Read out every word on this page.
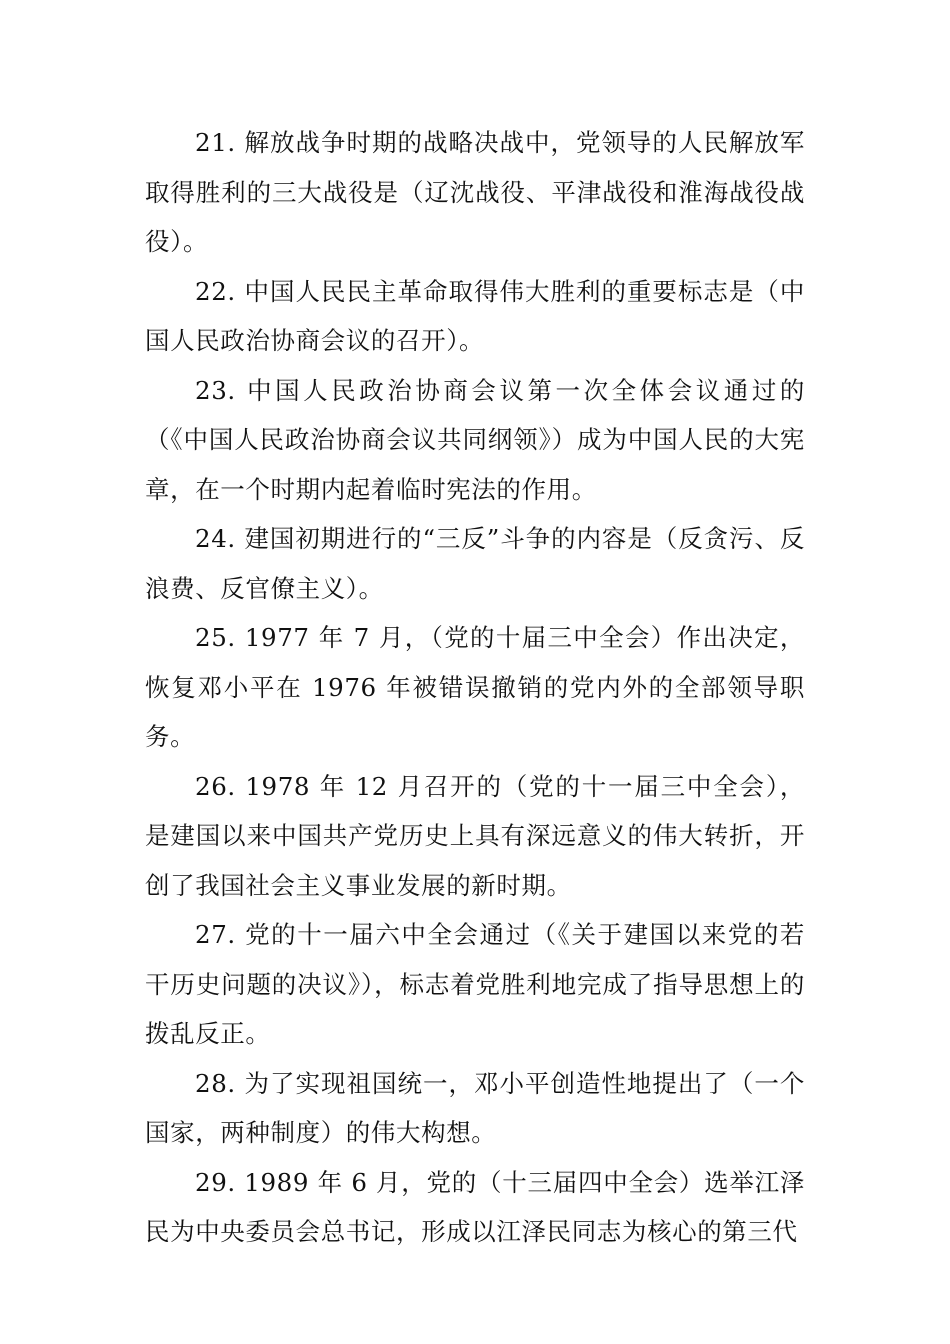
21. 解放战争时期的战略决战中，党领导的人民解放军取得胜利的三大战役是（辽沈战役、平津战役和淮海战役战役）。

22. 中国人民民主革命取得伟大胜利的重要标志是（中国人民政治协商会议的召开）。

23. 中国人民政治协商会议第一次全体会议通过的（《中国人民政治协商会议共同纲领》）成为中国人民的大宪章，在一个时期内起着临时宪法的作用。

24. 建国初期进行的“三反”斗争的内容是（反贪污、反浪费、反官僚主义）。

25. 1977 年 7 月，（党的十届三中全会）作出决定，恢复邓小平在 1976 年被错误撤销的党内外的全部领导职务。

26. 1978 年 12 月召开的（党的十一届三中全会），是建国以来中国共产党历史上具有深远意义的伟大转折，开创了我国社会主义事业发展的新时期。

27. 党的十一届六中全会通过（《关于建国以来党的若干历史问题的决议》），标志着党胜利地完成了指导思想上的拨乱反正。

28. 为了实现祖国统一，邓小平创造性地提出了（一个国家，两种制度）的伟大构想。

29. 1989 年 6 月，党的（十三届四中全会）选举江泽民为中央委员会总书记，形成以江泽民同志为核心的第三代
